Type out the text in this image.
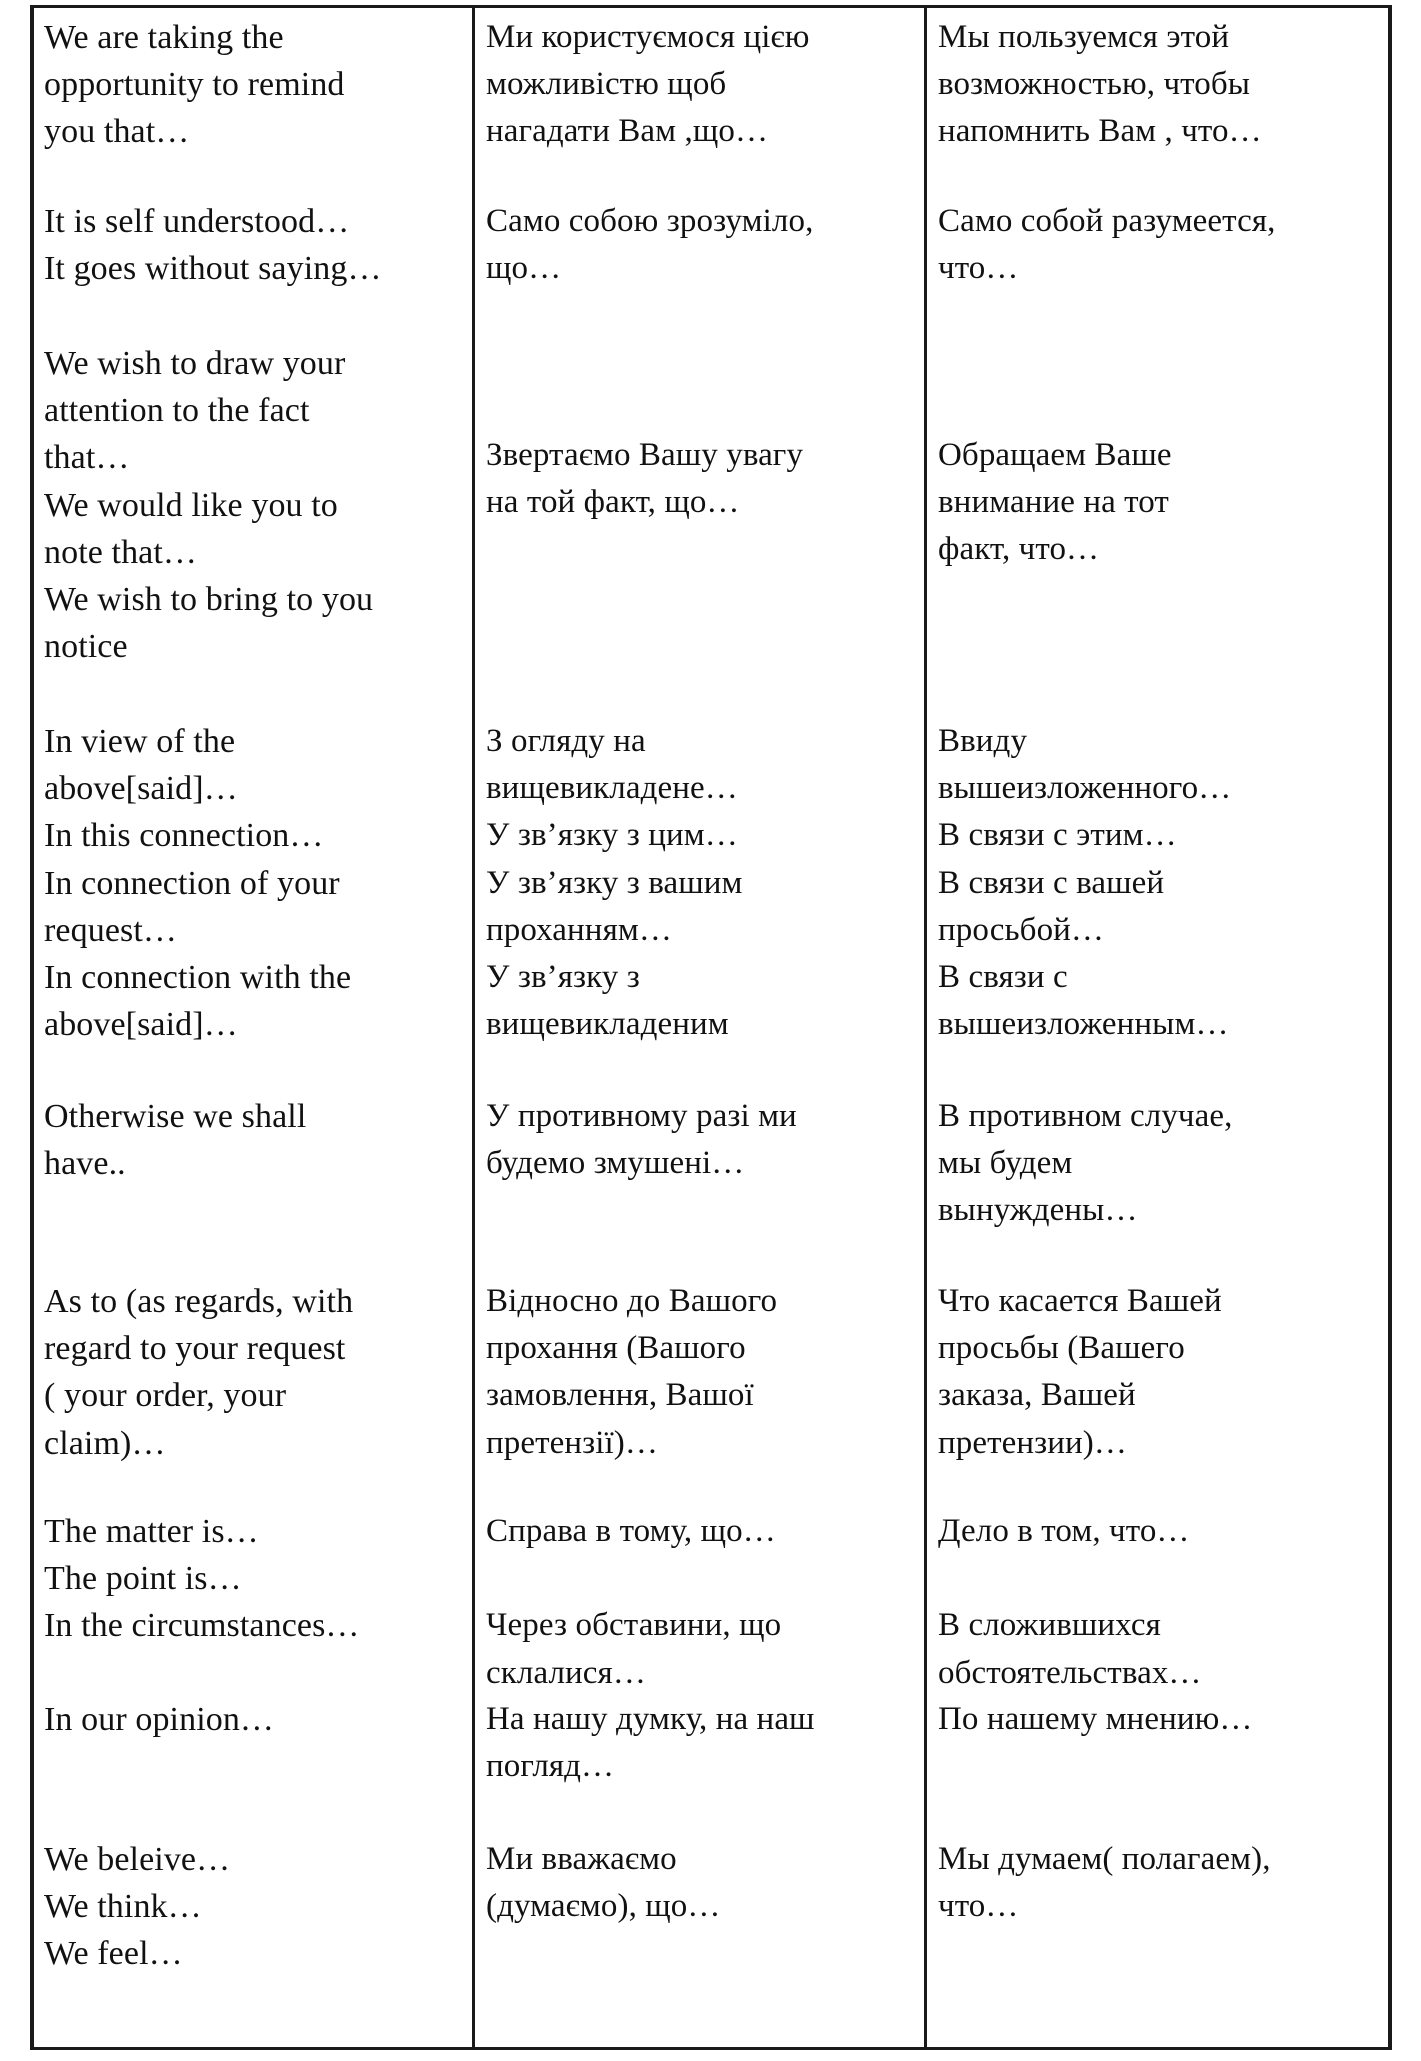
We are taking the
opportunity to remind
you that…
It is self understood…
It goes without saying…
We wish to draw your
attention to the fact
that…
We would like you to
note that…
We wish to bring to you
notice
In view of the
above[said]…
In this connection…
In connection of your
request…
In connection with the
above[said]…
Otherwise we shall
have..
As to (as regards, with
regard to your request
( your order, your
claim)…
The matter is…
The point is…
In the circumstances…
In our opinion…
We beleive…
We think…
We feel…
Ми користуємося цією
можливістю щоб
нагадати Вам ,що…
Само собою зрозуміло,
що…
Звертаємо Вашу увагу
на той факт, що…
З огляду на
вищевикладене…
У зв’язку з цим…
У зв’язку з вашим
проханням…
У зв’язку з
вищевикладеним
У противному разі ми
будемо змушені…
Відносно до Вашого
прохання (Вашого
замовлення, Вашої
претензії)…
Справа в тому, що…

Через обставини, що
склалися…
На нашу думку, на наш
погляд…
Ми вважаємо
(думаємо), що…
Мы пользуемся этой
возможностью, чтобы
напомнить Вам , что…
Само собой разумеется,
что…
Обращаем Ваше
внимание на тот
факт, что…
Ввиду
вышеизложенного…
В связи с этим…
В связи с вашей
просьбой…
В связи с
вышеизложенным…
В противном случае,
мы будем
вынуждены…
Что касается Вашей
просьбы (Вашего
заказа, Вашей
претензии)…
Дело в том, что…

В сложившихся
обстоятельствах…
По нашему мнению…
Мы думаем( полагаем),
что…
